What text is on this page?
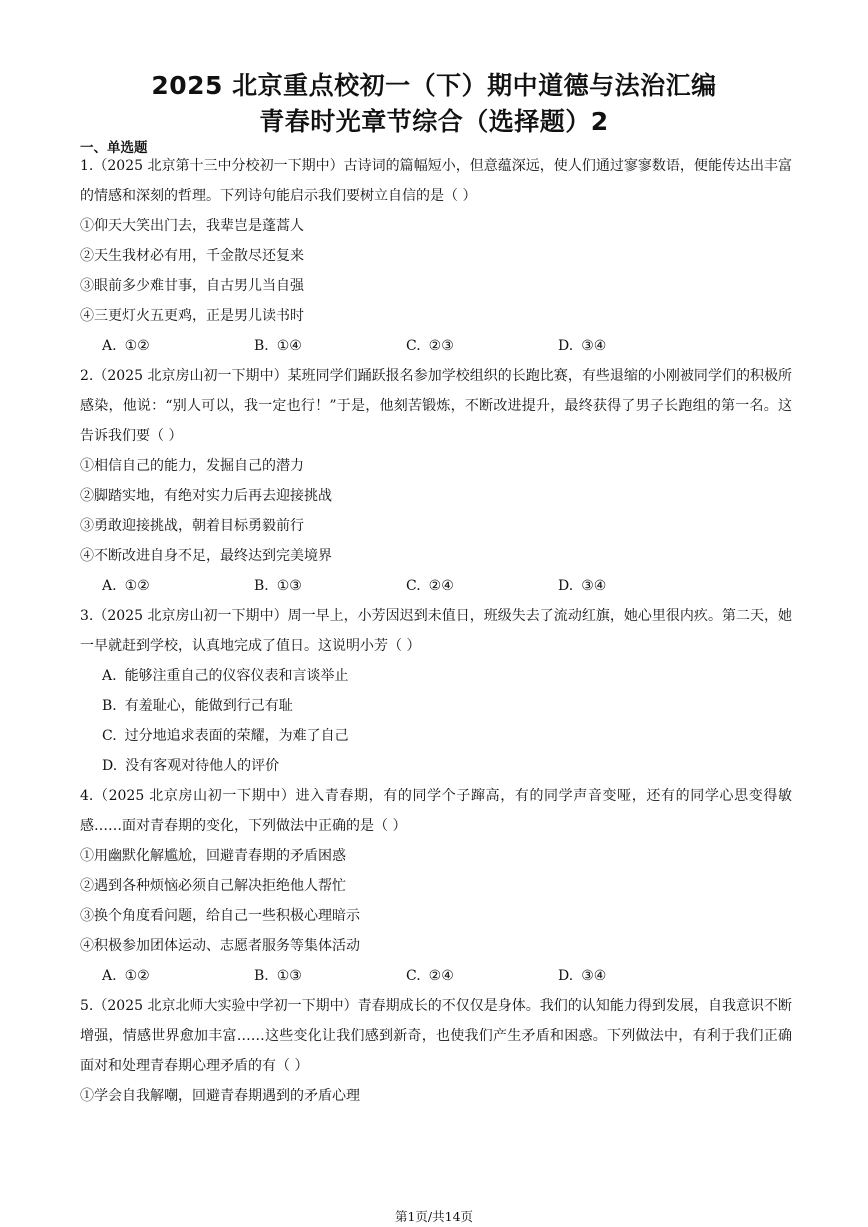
2025 北京重点校初一（下）期中道德与法治汇编
青春时光章节综合（选择题）2
一、单选题
1.（2025 北京第十三中分校初一下期中）古诗词的篇幅短小，但意蕴深远，使人们通过寥寥数语，便能传达出丰富的情感和深刻的哲理。下列诗句能启示我们要树立自信的是（ ）
①仰天大笑出门去，我辈岂是蓬蒿人
②天生我材必有用，千金散尽还复来
③眼前多少难甘事，自古男儿当自强
④三更灯火五更鸡，正是男儿读书时
A. ①②	B. ①④	C. ②③	D. ③④
2.（2025 北京房山初一下期中）某班同学们踊跃报名参加学校组织的长跑比赛，有些退缩的小刚被同学们的积极所感染，他说：“别人可以，我一定也行！”于是，他刻苦锻炼，不断改进提升，最终获得了男子长跑组的第一名。这告诉我们要（ ）
①相信自己的能力，发掘自己的潜力
②脚踏实地，有绝对实力后再去迎接挑战
③勇敢迎接挑战，朝着目标勇毅前行
④不断改进自身不足，最终达到完美境界
A. ①②	B. ①③	C. ②④	D. ③④
3.（2025 北京房山初一下期中）周一早上，小芳因迟到未值日，班级失去了流动红旗，她心里很内疚。第二天，她一早就赶到学校，认真地完成了值日。这说明小芳（ ）
A. 能够注重自己的仪容仪表和言谈举止
B. 有羞耻心，能做到行己有耻
C. 过分地追求表面的荣耀，为难了自己
D. 没有客观对待他人的评价
4.（2025 北京房山初一下期中）进入青春期，有的同学个子蹿高，有的同学声音变哑，还有的同学心思变得敏感……面对青春期的变化，下列做法中正确的是（ ）
①用幽默化解尴尬，回避青春期的矛盾困惑
②遇到各种烦恼必须自己解决拒绝他人帮忙
③换个角度看问题，给自己一些积极心理暗示
④积极参加团体运动、志愿者服务等集体活动
A. ①②	B. ①③	C. ②④	D. ③④
5.（2025 北京北师大实验中学初一下期中）青春期成长的不仅仅是身体。我们的认知能力得到发展，自我意识不断增强，情感世界愈加丰富……这些变化让我们感到新奇，也使我们产生矛盾和困惑。下列做法中，有利于我们正确面对和处理青春期心理矛盾的有（ ）
①学会自我解嘲，回避青春期遇到的矛盾心理
第1页/共14页
